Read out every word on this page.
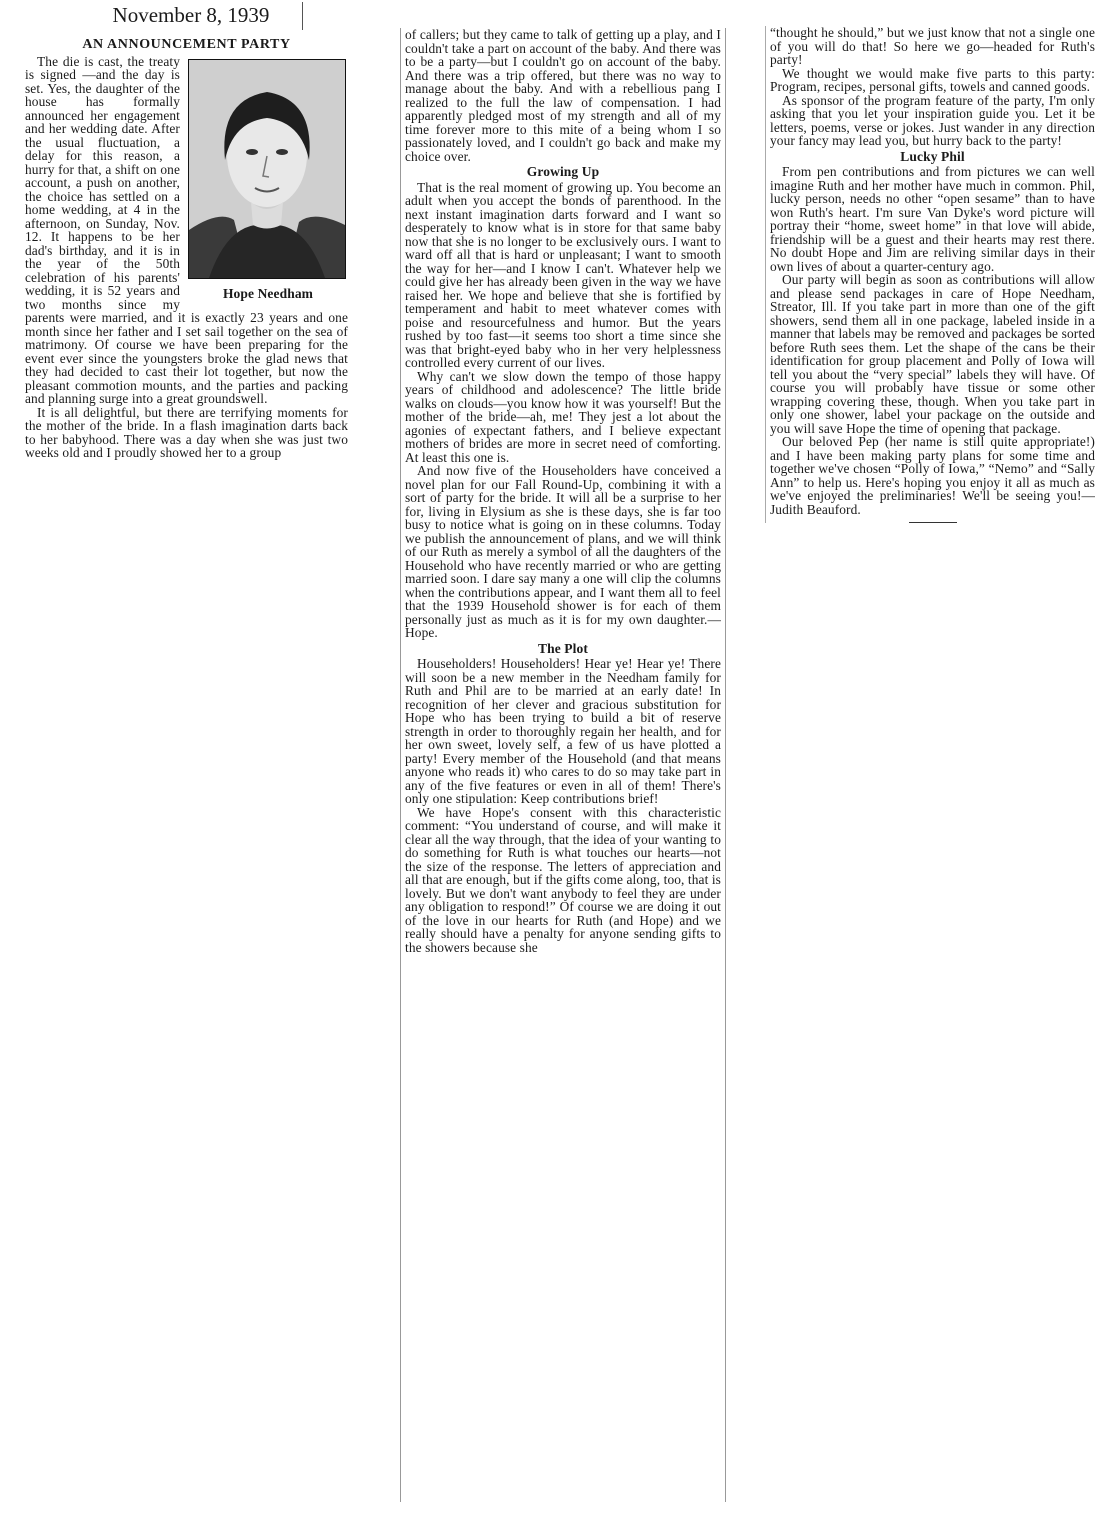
November 8, 1939
AN ANNOUNCEMENT PARTY
Hope Needham

The die is cast, the treaty is signed —and the day is set. Yes, the daughter of the house has formally announced her engagement and her wedding date. After the usual fluctuation, a delay for this reason, a hurry for that, a shift on one account, a push on another, the choice has settled on a home wedding, at 4 in the afternoon, on Sunday, Nov. 12. It happens to be her dad's birthday, and it is in the year of the 50th celebration of his parents' wedding, it is 52 years and two months since my parents were married, and it is exactly 23 years and one month since her father and I set sail together on the sea of matrimony. Of course we have been preparing for the event ever since the youngsters broke the glad news that they had decided to cast their lot together, but now the pleasant commotion mounts, and the parties and packing and planning surge into a great groundswell.

It is all delightful, but there are terrifying moments for the mother of the bride. In a flash imagination darts back to her babyhood. There was a day when she was just two weeks old and I proudly showed her to a group

of callers; but they came to talk of getting up a play, and I couldn't take a part on account of the baby. And there was to be a party—but I couldn't go on account of the baby. And there was a trip offered, but there was no way to manage about the baby. And with a rebellious pang I realized to the full the law of compensation. I had apparently pledged most of my strength and all of my time forever more to this mite of a being whom I so passionately loved, and I couldn't go back and make my choice over.

Growing Up

That is the real moment of growing up. You become an adult when you accept the bonds of parenthood. In the next instant imagination darts forward and I want so desperately to know what is in store for that same baby now that she is no longer to be exclusively ours. I want to ward off all that is hard or unpleasant; I want to smooth the way for her—and I know I can't. Whatever help we could give her has already been given in the way we have raised her. We hope and believe that she is fortified by temperament and habit to meet whatever comes with poise and resourcefulness and humor. But the years rushed by too fast—it seems too short a time since she was that bright-eyed baby who in her very helplessness controlled every current of our lives.

Why can't we slow down the tempo of those happy years of childhood and adolescence? The little bride walks on clouds—you know how it was yourself! But the mother of the bride—ah, me! They jest a lot about the agonies of expectant fathers, and I believe expectant mothers of brides are more in secret need of comforting. At least this one is.

And now five of the Householders have conceived a novel plan for our Fall Round-Up, combining it with a sort of party for the bride. It will all be a surprise to her for, living in Elysium as she is these days, she is far too busy to notice what is going on in these columns. Today we publish the announcement of plans, and we will think of our Ruth as merely a symbol of all the daughters of the Household who have recently married or who are getting married soon. I dare say many a one will clip the columns when the contributions appear, and I want them all to feel that the 1939 Household shower is for each of them personally just as much as it is for my own daughter.—Hope.

The Plot

Householders! Householders! Hear ye! Hear ye! There will soon be a new member in the Needham family for Ruth and Phil are to be married at an early date! In recognition of her clever and gracious substitution for Hope who has been trying to build a bit of reserve strength in order to thoroughly regain her health, and for her own sweet, lovely self, a few of us have plotted a party! Every member of the Household (and that means anyone who reads it) who cares to do so may take part in any of the five features or even in all of them! There's only one stipulation: Keep contributions brief!

We have Hope's consent with this characteristic comment: “You understand of course, and will make it clear all the way through, that the idea of your wanting to do something for Ruth is what touches our hearts—not the size of the response. The letters of appreciation and all that are enough, but if the gifts come along, too, that is lovely. But we don't want anybody to feel they are under any obligation to respond!” Of course we are doing it out of the love in our hearts for Ruth (and Hope) and we really should have a penalty for anyone sending gifts to the showers because she

“thought he should,” but we just know that not a single one of you will do that! So here we go—headed for Ruth's party!

We thought we would make five parts to this party: Program, recipes, personal gifts, towels and canned goods.

As sponsor of the program feature of the party, I'm only asking that you let your inspiration guide you. Let it be letters, poems, verse or jokes. Just wander in any direction your fancy may lead you, but hurry back to the party!

Lucky Phil

From pen contributions and from pictures we can well imagine Ruth and her mother have much in common. Phil, lucky person, needs no other “open sesame” than to have won Ruth's heart. I'm sure Van Dyke's word picture will portray their “home, sweet home” in that love will abide, friendship will be a guest and their hearts may rest there. No doubt Hope and Jim are reliving similar days in their own lives of about a quarter-century ago.

Our party will begin as soon as contributions will allow and please send packages in care of Hope Needham, Streator, Ill. If you take part in more than one of the gift showers, send them all in one package, labeled inside in a manner that labels may be removed and packages be sorted before Ruth sees them. Let the shape of the cans be their identification for group placement and Polly of Iowa will tell you about the “very special” labels they will have. Of course you will probably have tissue or some other wrapping covering these, though. When you take part in only one shower, label your package on the outside and you will save Hope the time of opening that package.

Our beloved Pep (her name is still quite appropriate!) and I have been making party plans for some time and together we've chosen “Polly of Iowa,” “Nemo” and “Sally Ann” to help us. Here's hoping you enjoy it all as much as we've enjoyed the preliminaries! We'll be seeing you!—Judith Beauford.
